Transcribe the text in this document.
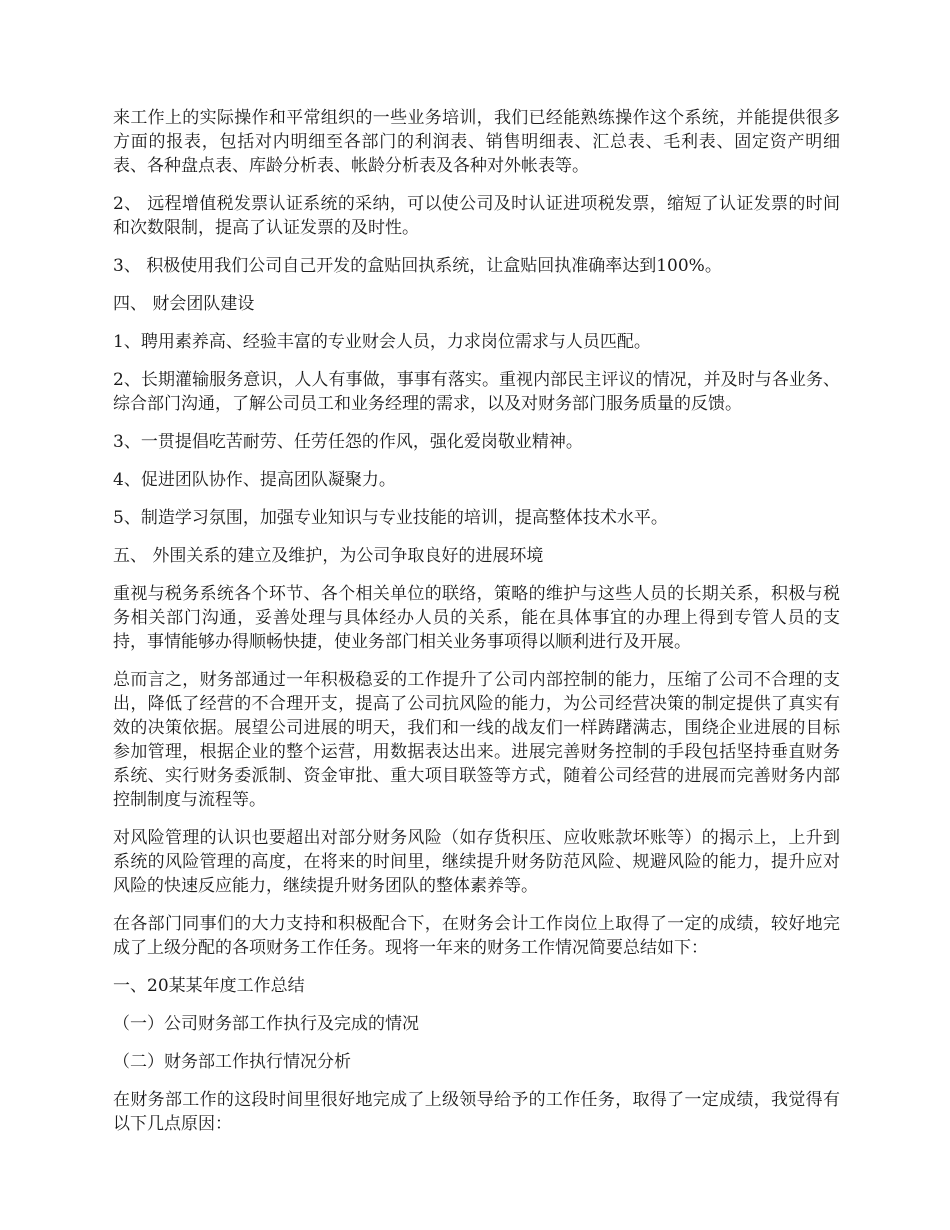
来工作上的实际操作和平常组织的一些业务培训，我们已经能熟练操作这个系统，并能提供很多方面的报表，包括对内明细至各部门的利润表、销售明细表、汇总表、毛利表、固定资产明细表、各种盘点表、库龄分析表、帐龄分析表及各种对外帐表等。

2、 远程增值税发票认证系统的采纳，可以使公司及时认证进项税发票，缩短了认证发票的时间和次数限制，提高了认证发票的及时性。

3、 积极使用我们公司自己开发的盒贴回执系统，让盒贴回执准确率达到100%。

四、 财会团队建设

1、聘用素养高、经验丰富的专业财会人员，力求岗位需求与人员匹配。

2、长期灌输服务意识，人人有事做，事事有落实。重视内部民主评议的情况，并及时与各业务、综合部门沟通，了解公司员工和业务经理的需求，以及对财务部门服务质量的反馈。

3、一贯提倡吃苦耐劳、任劳任怨的作风，强化爱岗敬业精神。

4、促进团队协作、提高团队凝聚力。

5、制造学习氛围，加强专业知识与专业技能的培训，提高整体技术水平。

五、 外围关系的建立及维护，为公司争取良好的进展环境

重视与税务系统各个环节、各个相关单位的联络，策略的维护与这些人员的长期关系，积极与税务相关部门沟通，妥善处理与具体经办人员的关系，能在具体事宜的办理上得到专管人员的支持，事情能够办得顺畅快捷，使业务部门相关业务事项得以顺利进行及开展。

总而言之，财务部通过一年积极稳妥的工作提升了公司内部控制的能力，压缩了公司不合理的支出，降低了经营的不合理开支，提高了公司抗风险的能力，为公司经营决策的制定提供了真实有效的决策依据。展望公司进展的明天，我们和一线的战友们一样踌躇满志，围绕企业进展的目标参加管理，根据企业的整个运营，用数据表达出来。进展完善财务控制的手段包括坚持垂直财务系统、实行财务委派制、资金审批、重大项目联签等方式，随着公司经营的进展而完善财务内部控制制度与流程等。

对风险管理的认识也要超出对部分财务风险（如存货积压、应收账款坏账等）的揭示上，上升到系统的风险管理的高度，在将来的时间里，继续提升财务防范风险、规避风险的能力，提升应对风险的快速反应能力，继续提升财务团队的整体素养等。

在各部门同事们的大力支持和积极配合下，在财务会计工作岗位上取得了一定的成绩，较好地完成了上级分配的各项财务工作任务。现将一年来的财务工作情况简要总结如下：

一、20某某年度工作总结

（一）公司财务部工作执行及完成的情况

（二）财务部工作执行情况分析

在财务部工作的这段时间里很好地完成了上级领导给予的工作任务，取得了一定成绩，我觉得有以下几点原因：
